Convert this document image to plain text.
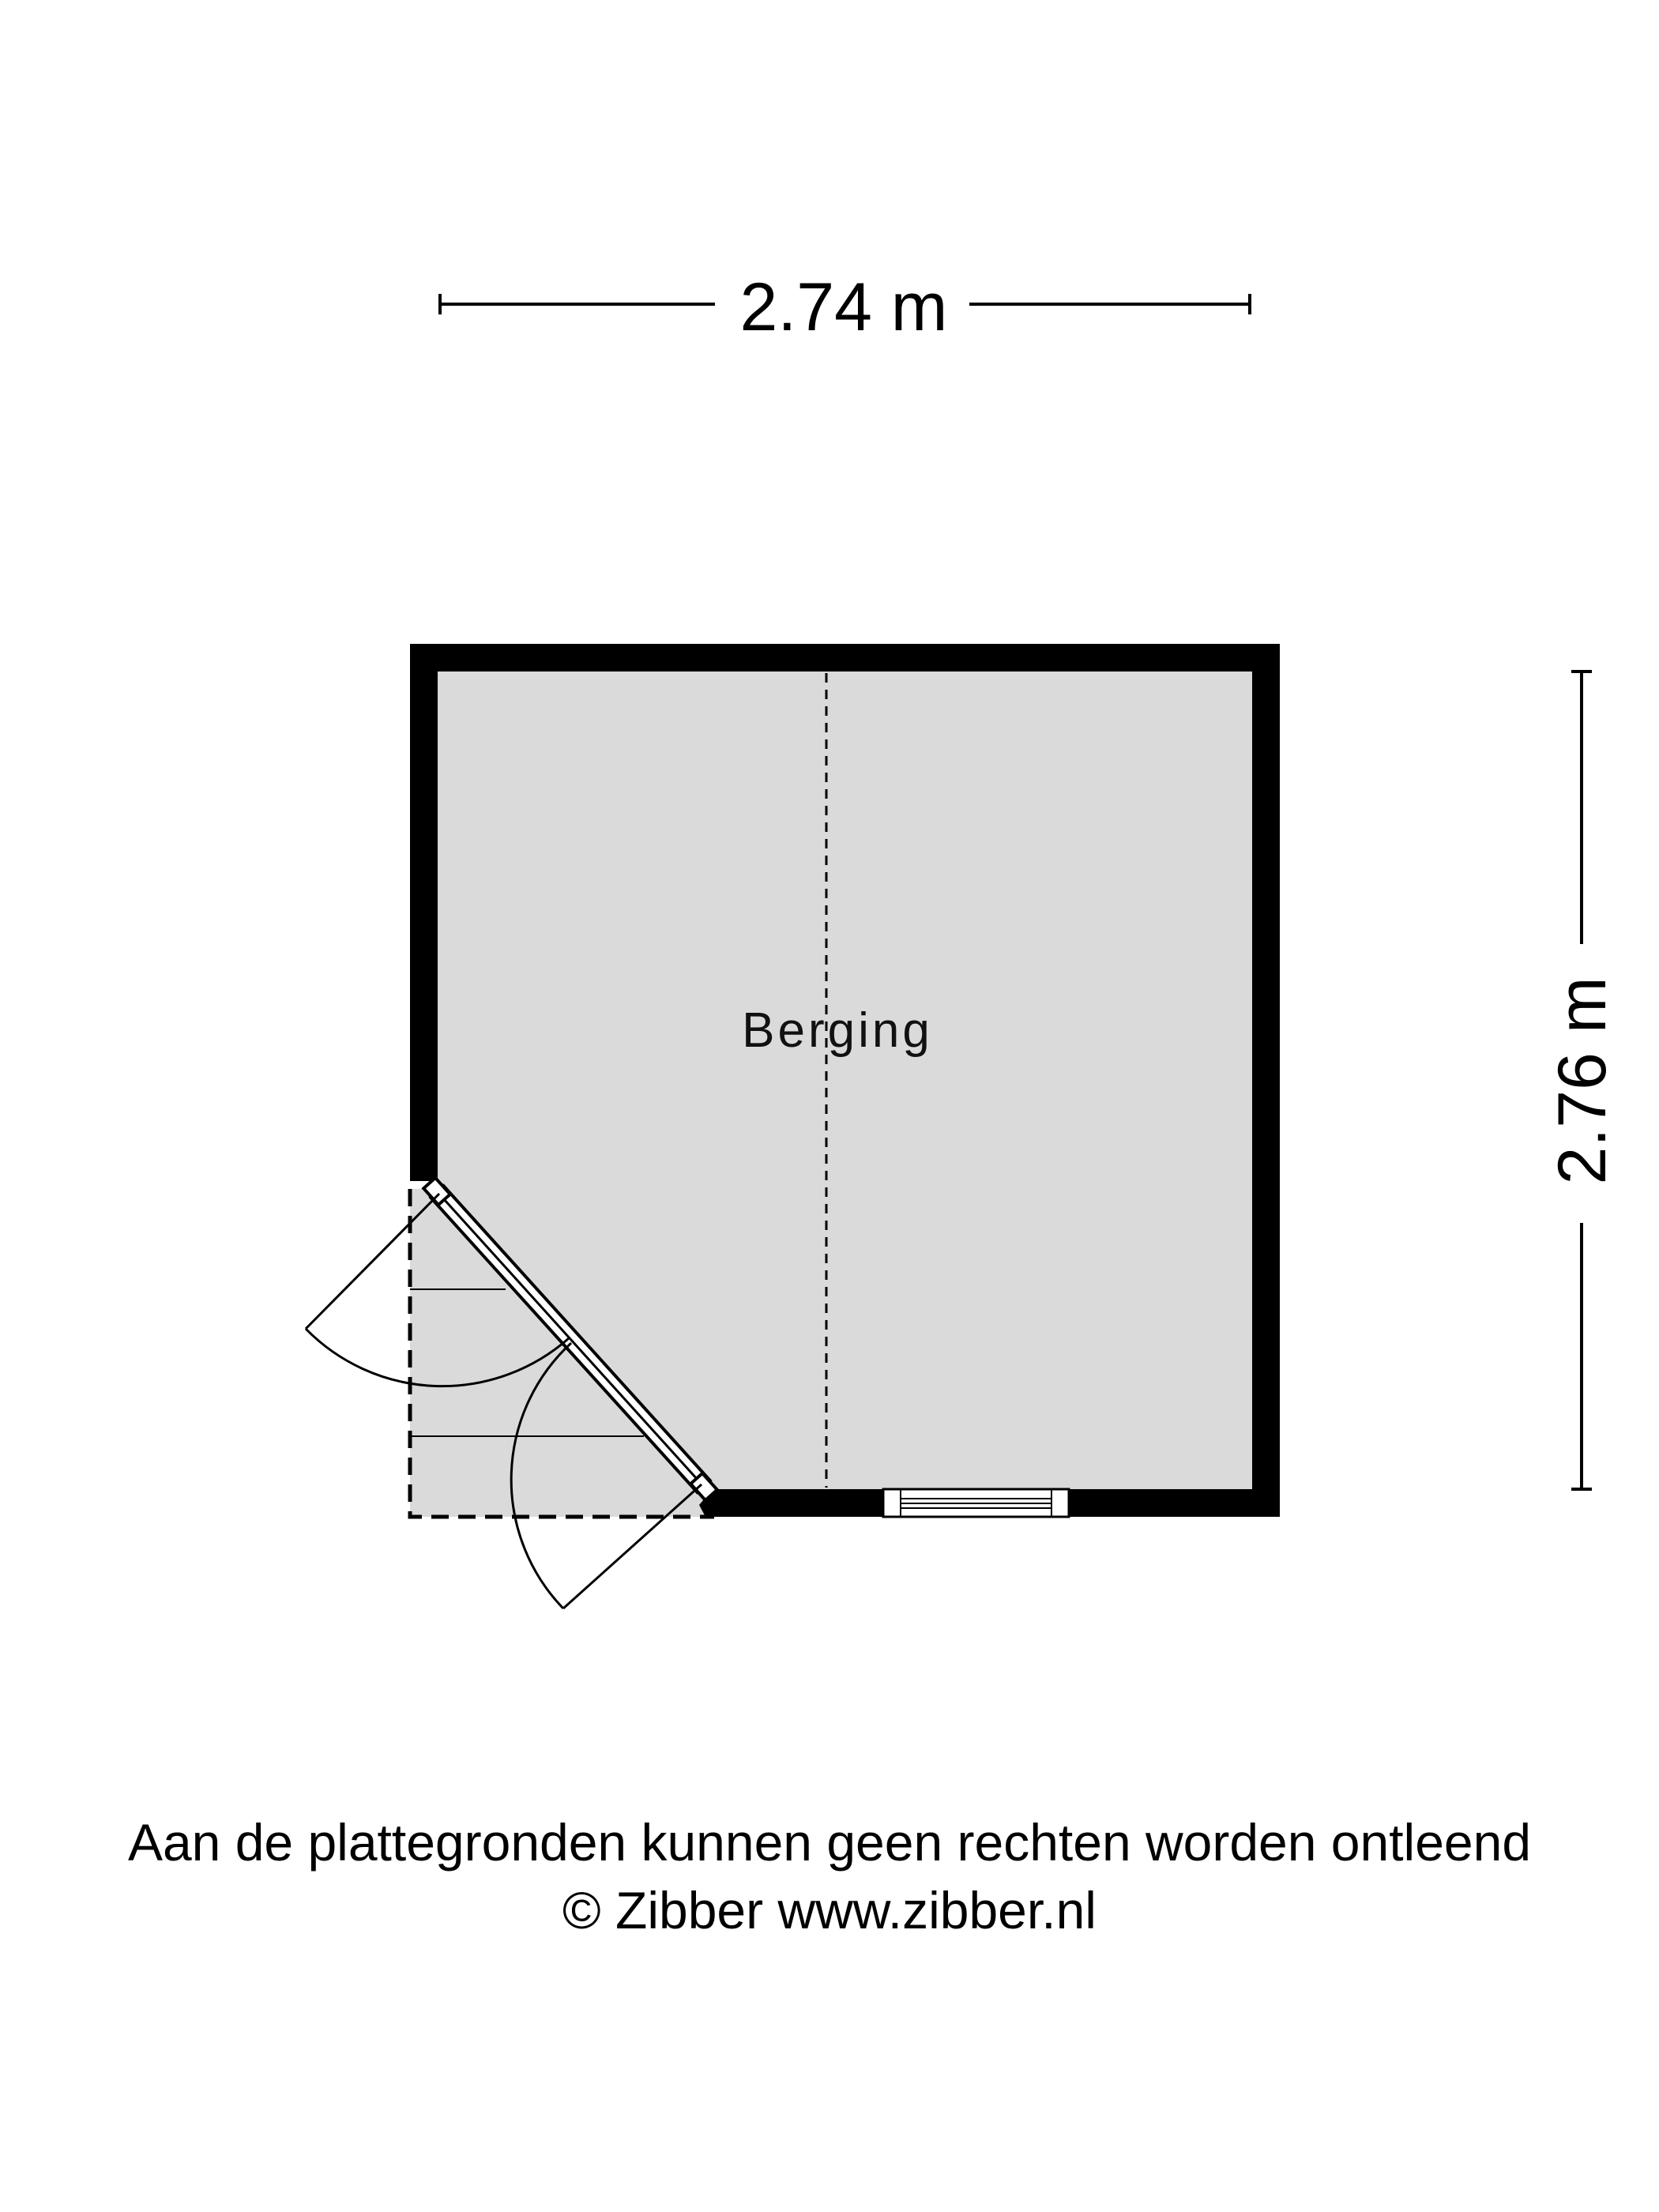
2.74 m
2.76 m
Berging
Aan de plattegronden kunnen geen rechten worden ontleend
© Zibber www.zibber.nl
